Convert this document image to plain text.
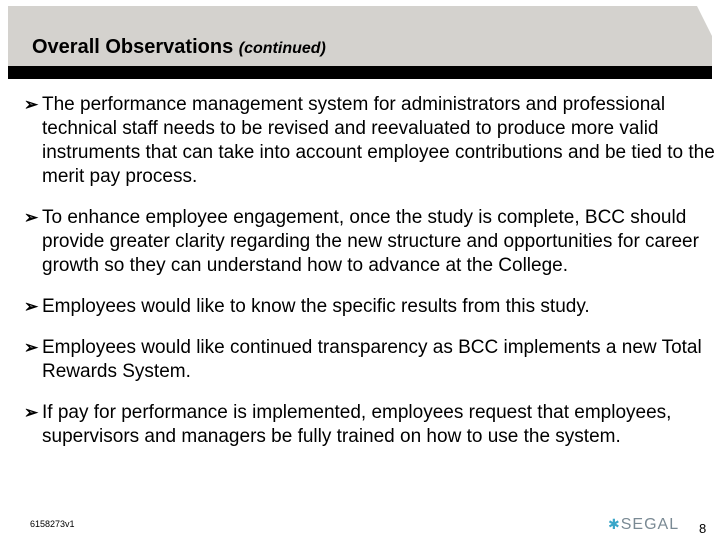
Overall Observations (continued)
➢ The performance management system for administrators and professional technical staff needs to be revised and reevaluated to produce more valid instruments that can take into account employee contributions and be tied to the merit pay process.
➢ To enhance employee engagement, once the study is complete, BCC should provide greater clarity regarding the new structure and opportunities for career growth so they can understand how to advance at the College.
➢ Employees would like to know the specific results from this study.
➢ Employees would like continued transparency as BCC implements a new Total Rewards System.
➢ If pay for performance is implemented, employees request that employees, supervisors and managers be fully trained on how to use the system.
6158273v1	✱SEGAL 8
